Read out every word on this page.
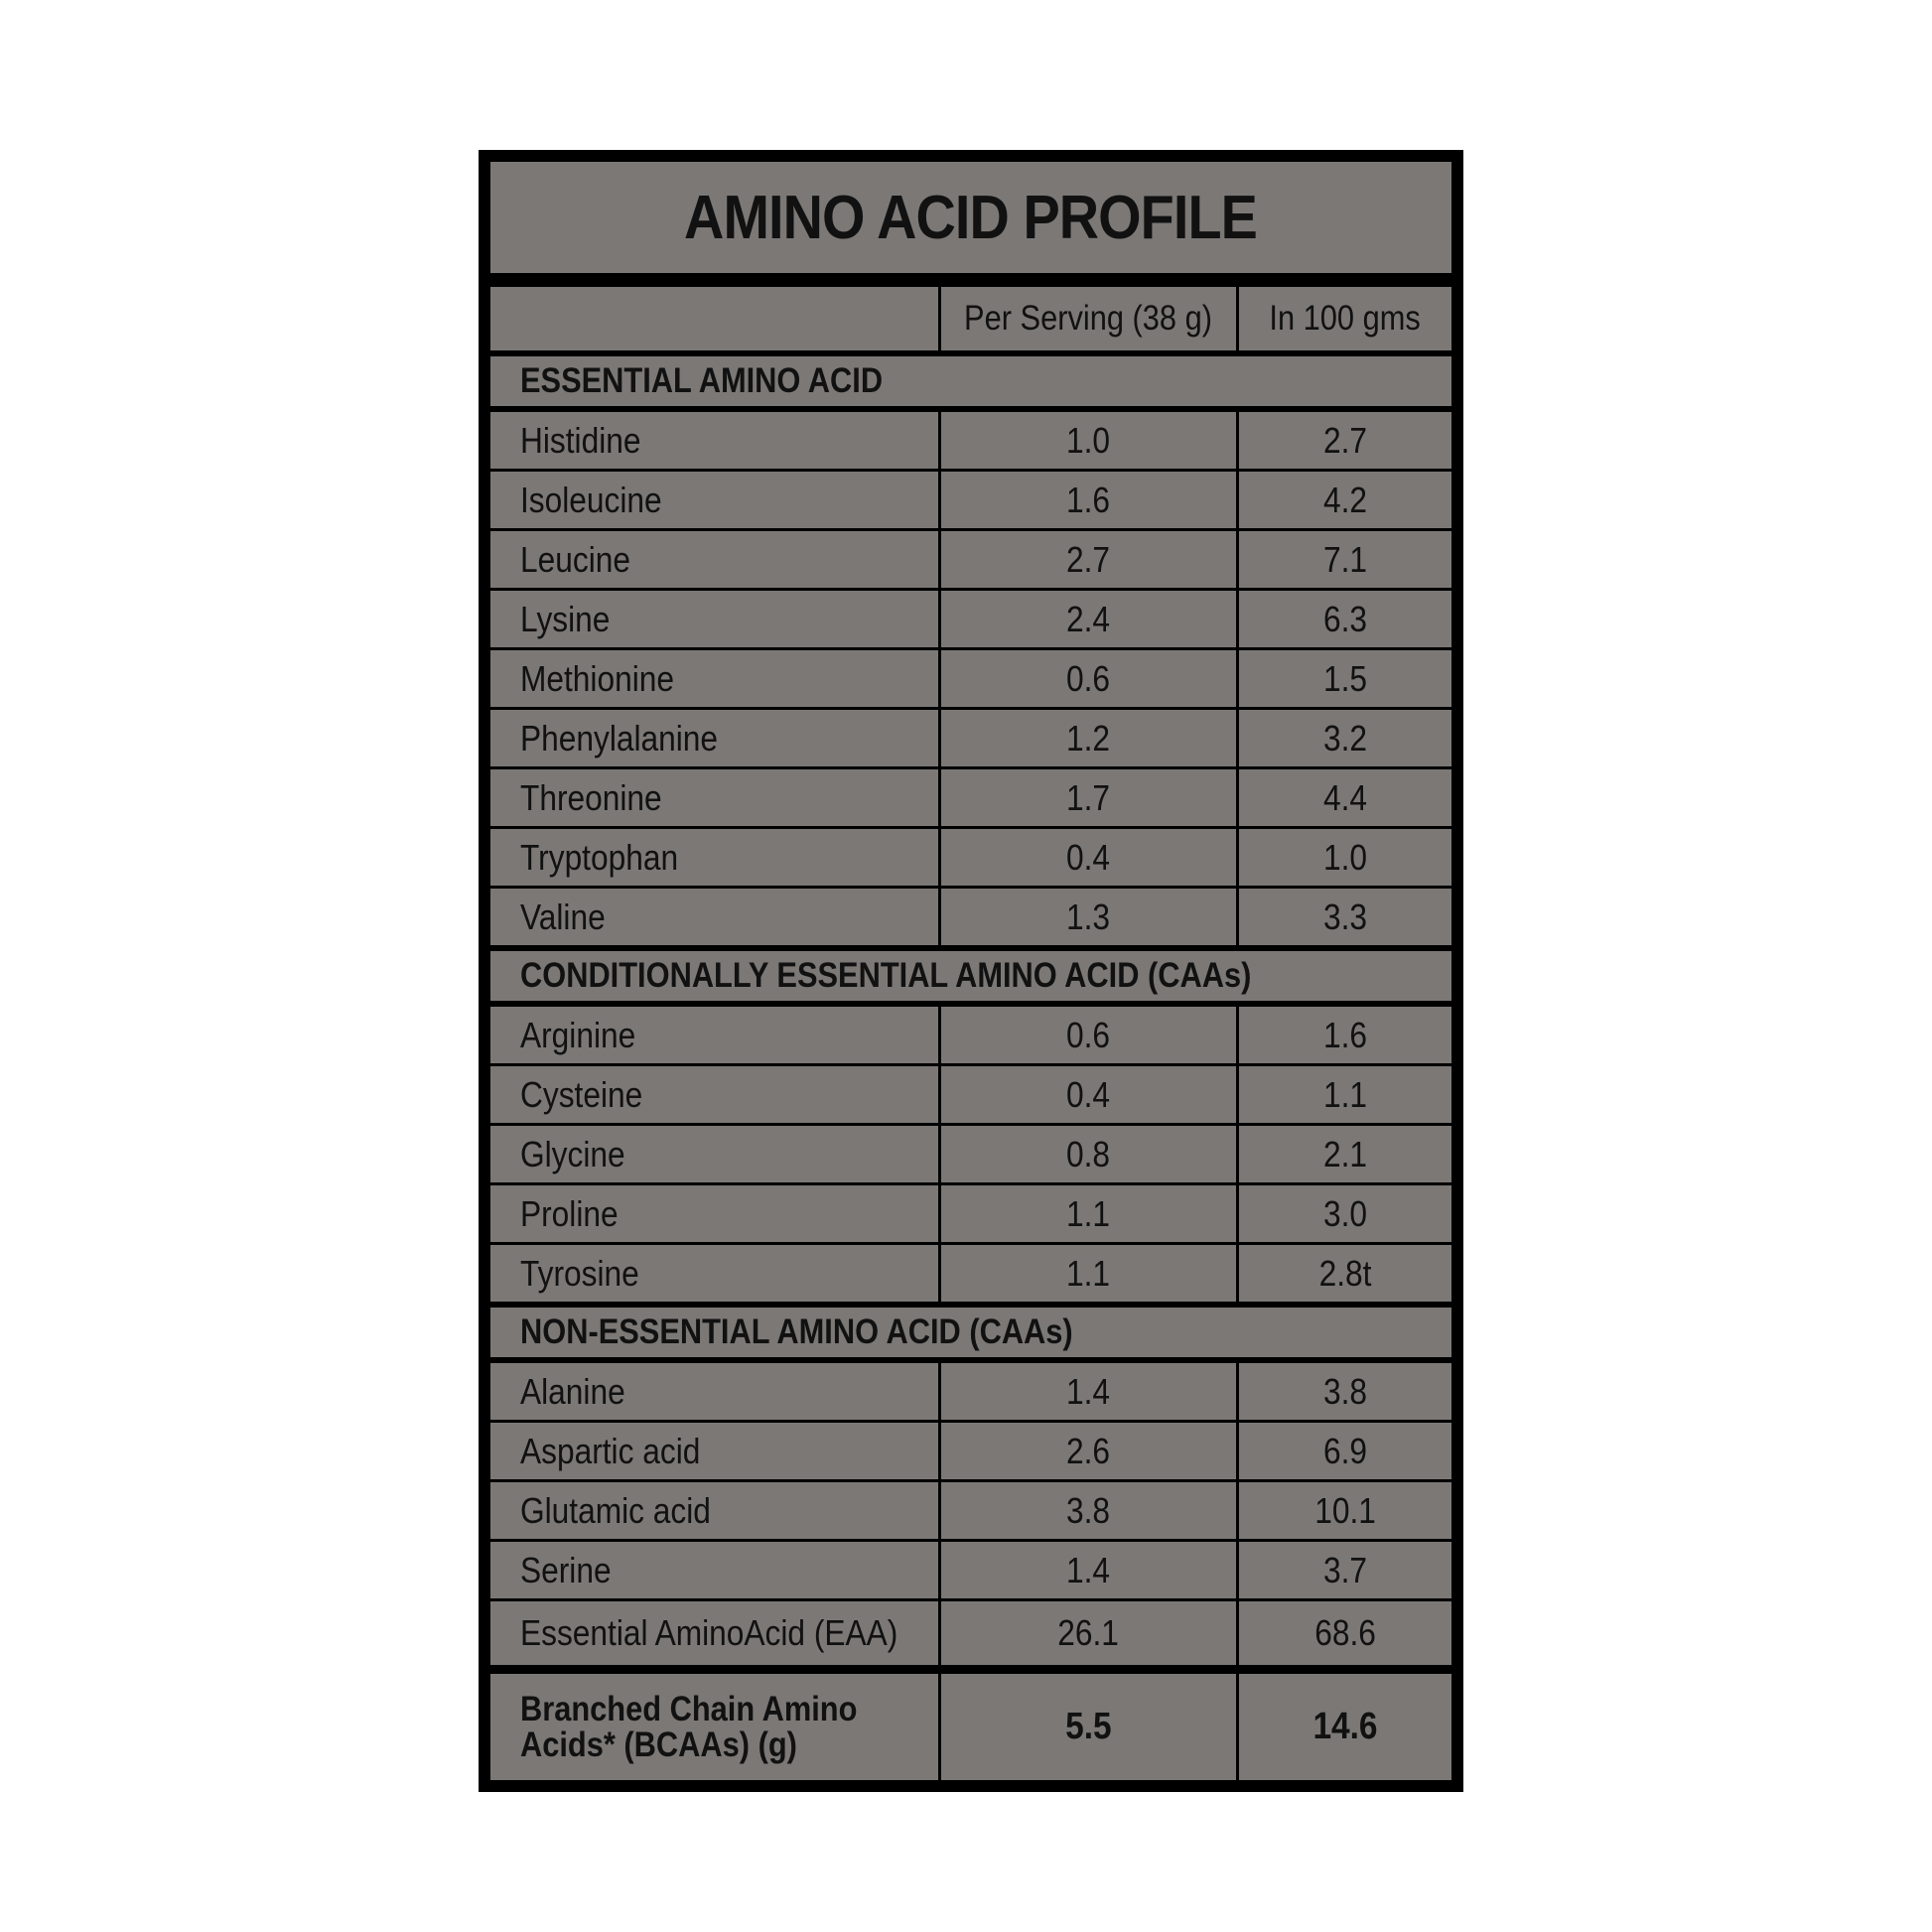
AMINO ACID PROFILE
Per Serving (38 g) In 100 gms
ESSENTIAL AMINO ACID
Histidine	1.0	2.7
Isoleucine	1.6	4.2
Leucine	2.7	7.1
Lysine	2.4	6.3
Methionine	0.6	1.5
Phenylalanine	1.2	3.2
Threonine	1.7	4.4
Tryptophan	0.4	1.0
Valine	1.3	3.3
CONDITIONALLY ESSENTIAL AMINO ACID (CAAs)
Arginine	0.6	1.6
Cysteine	0.4	1.1
Glycine	0.8	2.1
Proline	1.1	3.0
Tyrosine	1.1	2.8t
NON-ESSENTIAL AMINO ACID (CAAs)
Alanine	1.4	3.8
Aspartic acid	2.6	6.9
Glutamic acid	3.8	10.1
Serine	1.4	3.7
Essential AminoAcid (EAA)	26.1	68.6
Branched Chain Amino
Acids* (BCAAs) (g)	5.5	14.6
